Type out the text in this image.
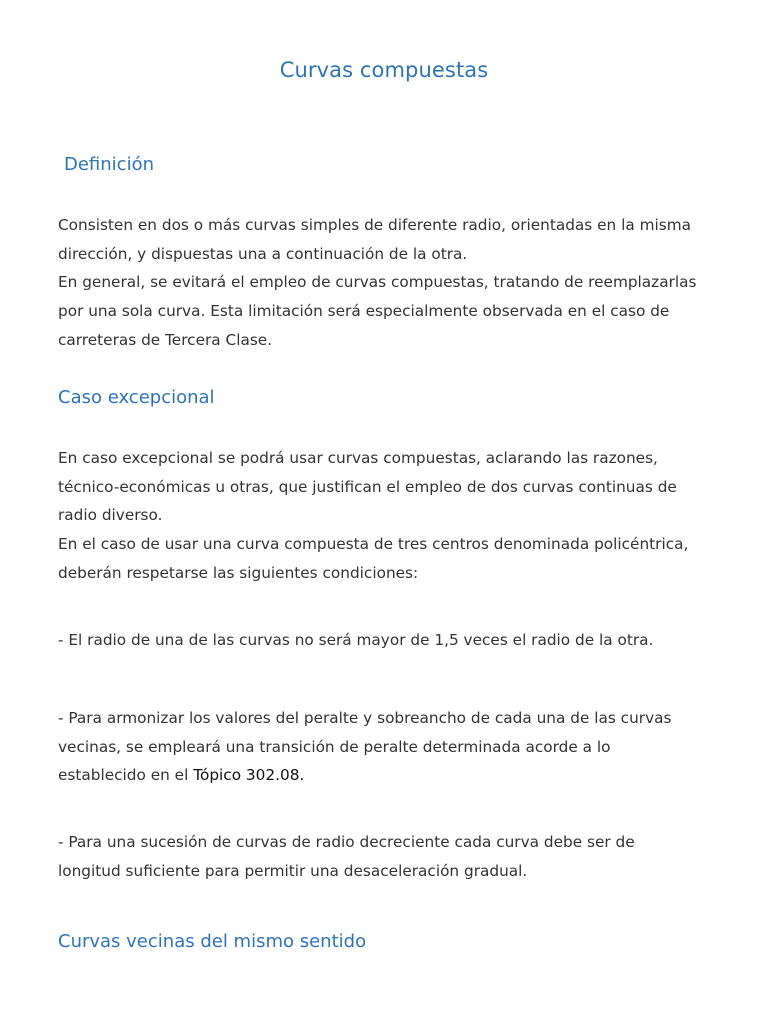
Curvas compuestas
Definición

Consisten en dos o más curvas simples de diferente radio, orientadas en la misma
dirección, y dispuestas una a continuación de la otra.
En general, se evitará el empleo de curvas compuestas, tratando de reemplazarlas
por una sola curva. Esta limitación será especialmente observada en el caso de
carreteras de Tercera Clase.

Caso excepcional

En caso excepcional se podrá usar curvas compuestas, aclarando las razones,
técnico-económicas u otras, que justifican el empleo de dos curvas continuas de
radio diverso.
En el caso de usar una curva compuesta de tres centros denominada policéntrica,
deberán respetarse las siguientes condiciones:

- El radio de una de las curvas no será mayor de 1,5 veces el radio de la otra.

- Para armonizar los valores del peralte y sobreancho de cada una de las curvas
vecinas, se empleará una transición de peralte determinada acorde a lo
establecido en el Tópico 302.08.

- Para una sucesión de curvas de radio decreciente cada curva debe ser de
longitud suficiente para permitir una desaceleración gradual.

Curvas vecinas del mismo sentido
